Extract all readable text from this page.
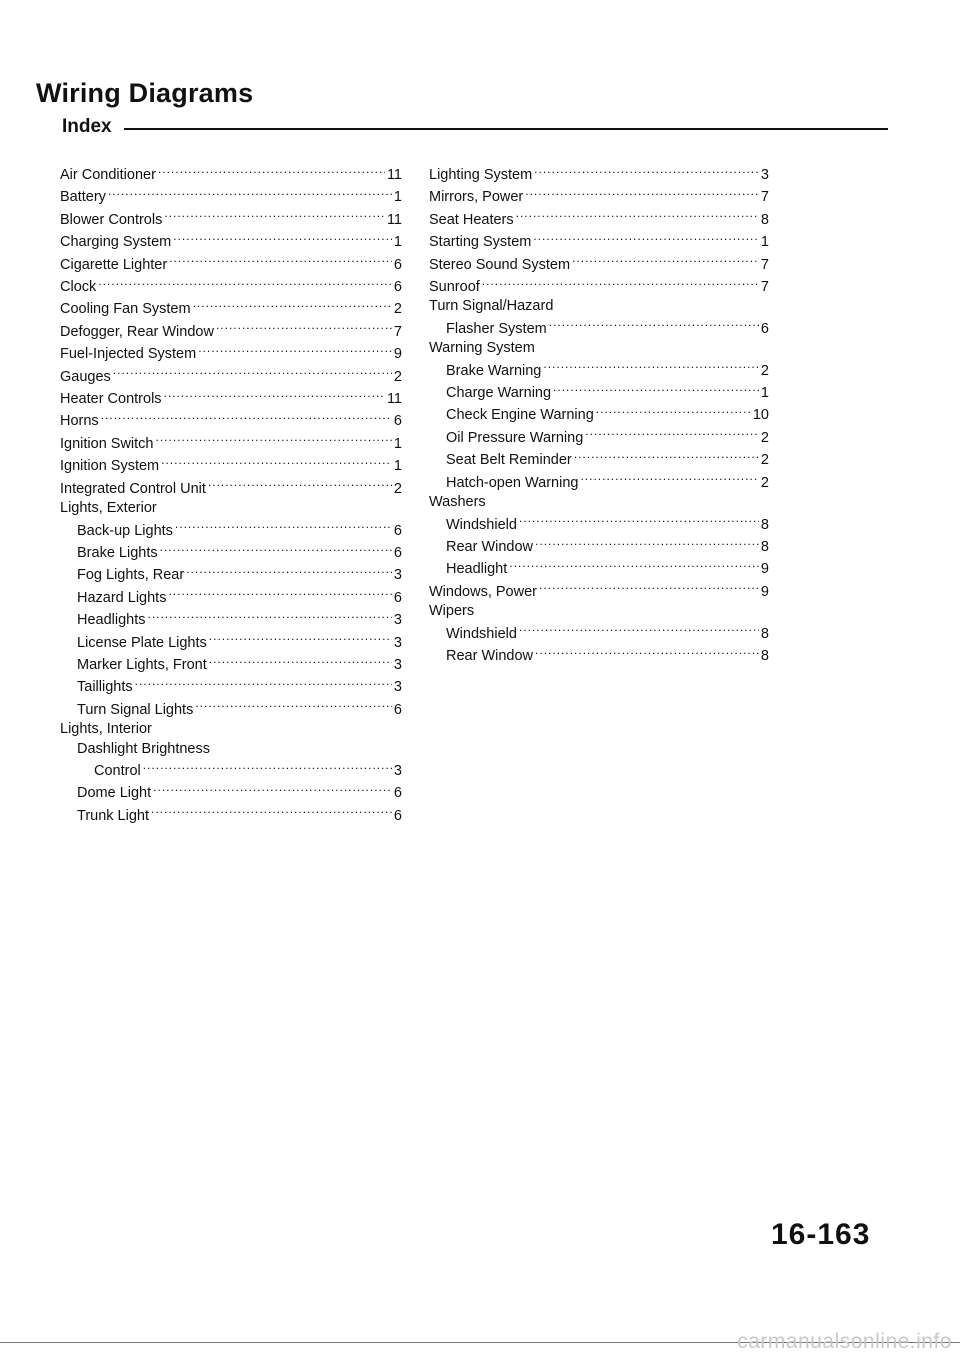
Wiring Diagrams
Index
Air Conditioner .....	11
Battery .....	1
Blower Controls .....	11
Charging System .....	1
Cigarette Lighter .....	6
Clock .....	6
Cooling Fan System .....	2
Defogger, Rear Window .....	7
Fuel-Injected System .....	9
Gauges .....	2
Heater Controls .....	11
Horns .....	6
Ignition Switch .....	1
Ignition System .....	1
Integrated Control Unit .....	2
Lights, Exterior
Back-up Lights .....	6
Brake Lights .....	6
Fog Lights, Rear .....	3
Hazard Lights .....	6
Headlights .....	3
License Plate Lights .....	3
Marker Lights, Front .....	3
Taillights .....	3
Turn Signal Lights .....	6
Lights, Interior
Dashlight Brightness
Control .....	3
Dome Light .....	6
Trunk Light .....	6
Lighting System .....	3
Mirrors, Power .....	7
Seat Heaters .....	8
Starting System .....	1
Stereo Sound System .....	7
Sunroof .....	7
Turn Signal/Hazard
Flasher System .....	6
Warning System
Brake Warning .....	2
Charge Warning .....	1
Check Engine Warning .....	10
Oil Pressure Warning .....	2
Seat Belt Reminder .....	2
Hatch-open Warning .....	2
Washers
Windshield .....	8
Rear Window .....	8
Headlight .....	9
Windows, Power .....	9
Wipers
Windshield .....	8
Rear Window .....	8
16-163
carmanualsonline.info
